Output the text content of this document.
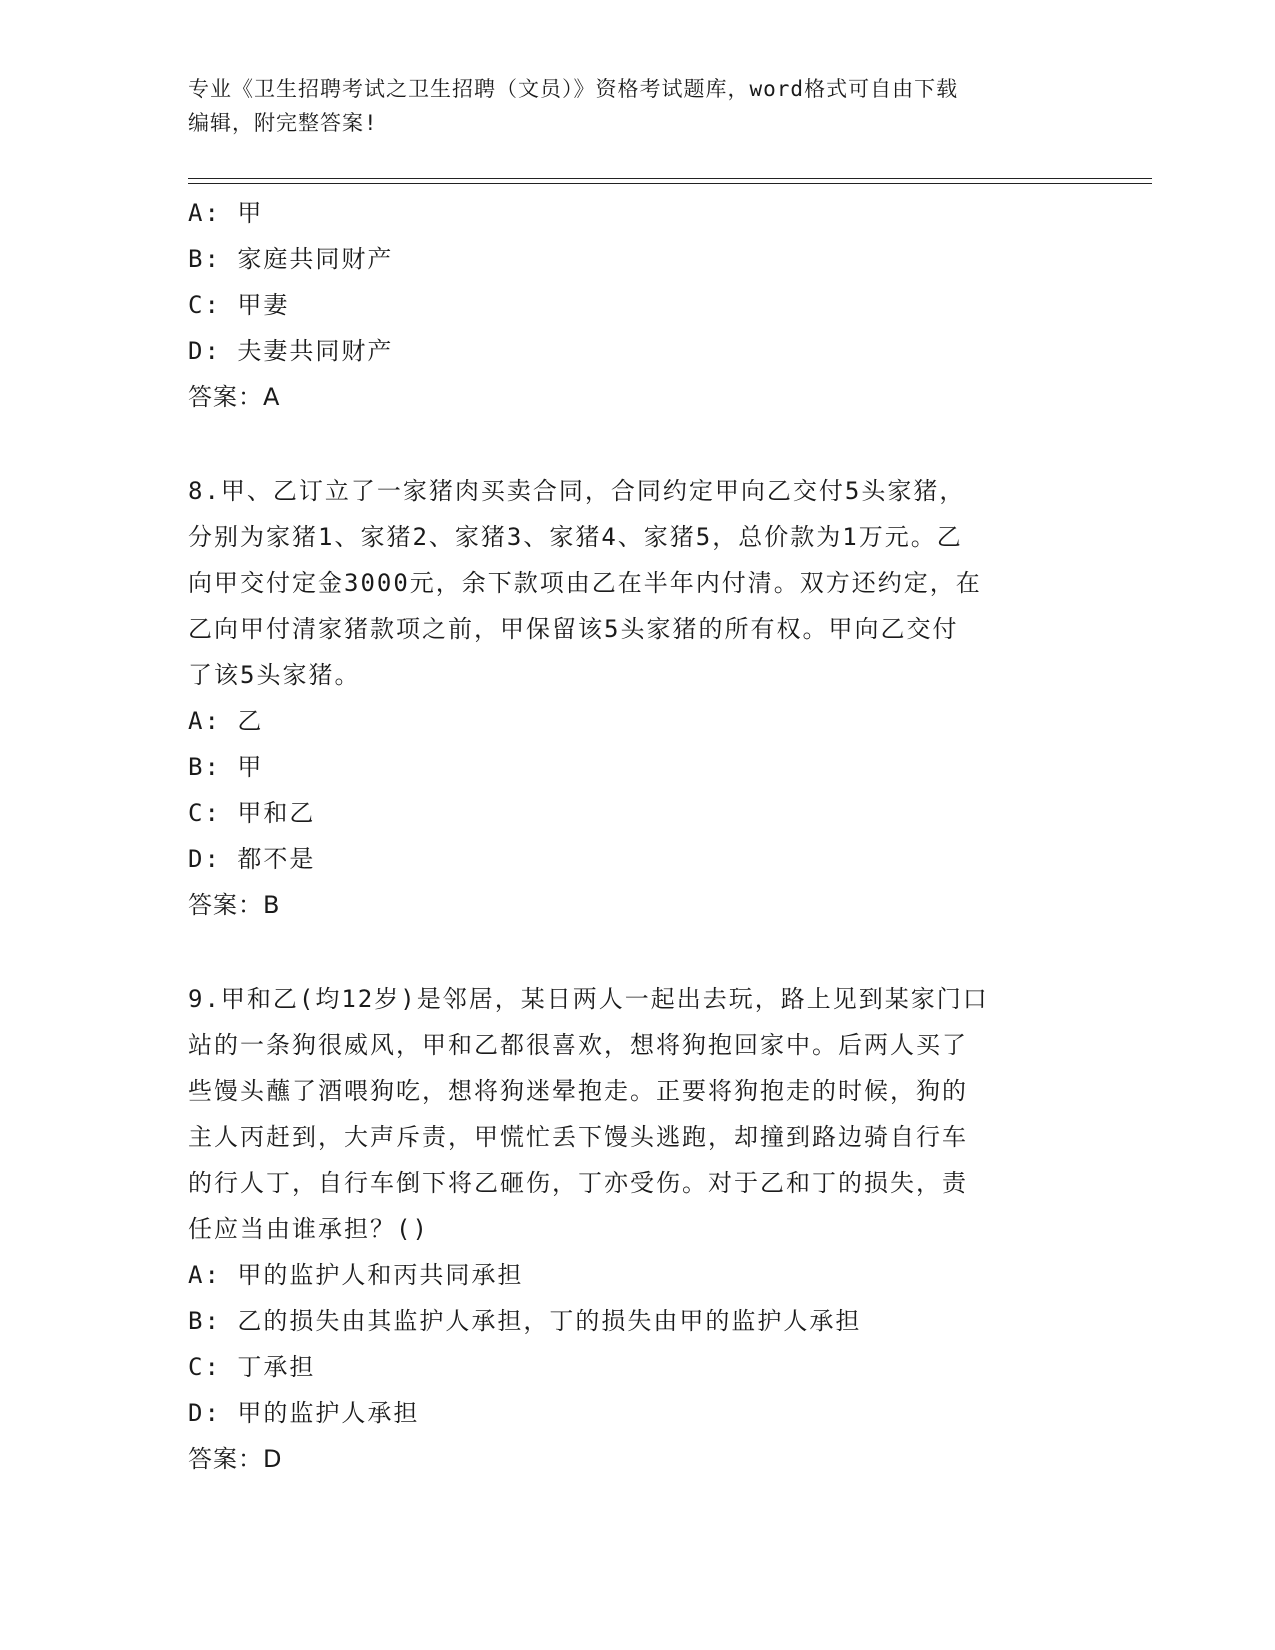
专业《卫生招聘考试之卫生招聘（文员）》资格考试题库，word格式可自由下载
编辑，附完整答案!
A: 甲
B: 家庭共同财产
C: 甲妻
D: 夫妻共同财产
答案：A
8.甲、乙订立了一家猪肉买卖合同，合同约定甲向乙交付5头家猪，
分别为家猪1、家猪2、家猪3、家猪4、家猪5，总价款为1万元。乙
向甲交付定金3000元，余下款项由乙在半年内付清。双方还约定，在
乙向甲付清家猪款项之前，甲保留该5头家猪的所有权。甲向乙交付
了该5头家猪。
A: 乙
B: 甲
C: 甲和乙
D: 都不是
答案：B
9.甲和乙(均12岁)是邻居，某日两人一起出去玩，路上见到某家门口
站的一条狗很威风，甲和乙都很喜欢，想将狗抱回家中。后两人买了
些馒头蘸了酒喂狗吃，想将狗迷晕抱走。正要将狗抱走的时候，狗的
主人丙赶到，大声斥责，甲慌忙丢下馒头逃跑，却撞到路边骑自行车
的行人丁，自行车倒下将乙砸伤，丁亦受伤。对于乙和丁的损失，责
任应当由谁承担？()
A: 甲的监护人和丙共同承担
B: 乙的损失由其监护人承担，丁的损失由甲的监护人承担
C: 丁承担
D: 甲的监护人承担
答案：D
